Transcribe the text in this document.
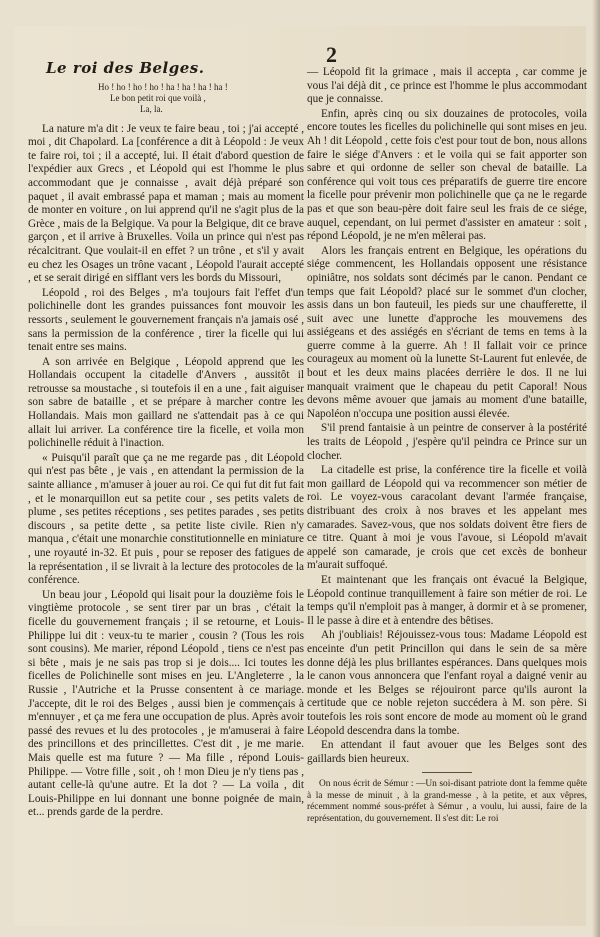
2
Le roi des Belges.
Ho ! ho ! ho ! ho ! ha ! ha ! ha ! ha !
Le bon petit roi que voilà ,
La, la.

La nature m'a dit : Je veux te faire beau , toi ; j'ai accepté , moi , dit Chapolard. La [conférence a dit à Léopold : Je veux te faire roi, toi ; il a accepté, lui. Il était d'abord question de l'expédier aux Grecs , et Léopold qui est l'homme le plus accommodant que je connaisse , avait déjà préparé son paquet , il avait embrassé papa et maman ; mais au moment de monter en voiture , on lui apprend qu'il ne s'agit plus de la Grèce , mais de la Belgique. Va pour la Belgique, dit ce brave garçon , et il arrive à Bruxelles. Voila un prince qui n'est pas récalcitrant. Que voulait-il en effet ? un trône , et s'il y avait eu chez les Osages un trône vacant , Léopold l'aurait accepté , et se serait dirigé en sifflant vers les bords du Missouri,

Léopold , roi des Belges , m'a toujours fait l'effet d'un polichinelle dont les grandes puissances font mouvoir les ressorts , seulement le gouvernement français n'a jamais osé , sans la permission de la conférence , tirer la ficelle qui lui tenait entre ses mains.

A son arrivée en Belgique , Léopold apprend que les Hollandais occupent la citadelle d'Anvers , aussitôt il retrousse sa moustache , si toutefois il en a une , fait aiguiser son sabre de bataille , et se prépare à marcher contre les Hollandais. Mais mon gaillard ne s'attendait pas à ce qui allait lui arriver. La conférence tire la ficelle, et voila mon polichinelle réduit à l'inaction.

« Puisqu'il paraît que ça ne me regarde pas , dit Léopold qui n'est pas bête , je vais , en attendant la permission de la sainte alliance , m'amuser à jouer au roi. Ce qui fut dit fut fait , et le monarquillon eut sa petite cour , ses petits valets de plume , ses petites réceptions , ses petites parades , ses petits discours , sa petite dette , sa petite liste civile. Rien n'y manqua , c'était une monarchie constitutionnelle en miniature , une royauté in-32. Et puis , pour se reposer des fatigues de la représentation , il se livrait à la lecture des protocoles de la conférence.

Un beau jour , Léopold qui lisait pour la douzième fois le vingtième protocole , se sent tirer par un bras , c'était la ficelle du gouvernement français ; il se retourne, et Louis-Philippe lui dit : veux-tu te marier , cousin ? (Tous les rois sont cousins). Me marier, répond Léopold , tiens ce n'est pas si bête , mais je ne sais pas trop si je dois.... Ici toutes les ficelles de Polichinelle sont mises en jeu. L'Angleterre , la Russie , l'Autriche et la Prusse consentent à ce mariage. J'accepte, dit le roi des Belges , aussi bien je commençais à m'ennuyer , et ça me fera une occupation de plus. Après avoir passé des revues et lu des protocoles , je m'amuserai à faire des princillons et des princillettes. C'est dit , je me marie. Mais quelle est ma future ? — Ma fille , répond Louis-Philippe. — Votre fille , soit , oh ! mon Dieu je n'y tiens pas , autant celle-là qu'une autre. Et la dot ? — La voila , dit Louis-Philippe en lui donnant une bonne poignée de main, et... prends garde de la perdre.

— Léopold fit la grimace , mais il accepta , car comme je vous l'ai déjà dit , ce prince est l'homme le plus accommodant que je connaisse.

Enfin, après cinq ou six douzaines de protocoles, voila encore toutes les ficelles du polichinelle qui sont mises en jeu. Ah ! dit Léopold , cette fois c'est pour tout de bon, nous allons faire le siége d'Anvers : et le voila qui se fait apporter son sabre et qui ordonne de seller son cheval de bataille. La conférence qui voit tous ces préparatifs de guerre tire encore la ficelle pour prévenir mon polichinelle que ça ne le regarde pas et que son beau-père doit faire seul les frais de ce siége, auquel, cependant, on lui permet d'assister en amateur : soit , répond Léopold, je ne m'en mêlerai pas.

Alors les français entrent en Belgique, les opérations du siége commencent, les Hollandais opposent une résistance opiniâtre, nos soldats sont décimés par le canon. Pendant ce temps que fait Léopold? placé sur le sommet d'un clocher, assis dans un bon fauteuil, les pieds sur une chaufferette, il suit avec une lunette d'approche les mouvemens des assiégeans et des assiégés en s'écriant de tems en tems à la guerre comme à la guerre. Ah ! Il fallait voir ce prince courageux au moment où la lunette St-Laurent fut enlevée, de bout et les deux mains placées derrière le dos. Il ne lui manquait vraiment que le chapeau du petit Caporal! Nous devons même avouer que jamais au moment d'une bataille, Napoléon n'occupa une position aussi élevée.

S'il prend fantaisie à un peintre de conserver à la postérité les traits de Léopold , j'espère qu'il peindra ce Prince sur un clocher.

La citadelle est prise, la conférence tire la ficelle et voilà mon gaillard de Léopold qui va recommencer son métier de roi. Le voyez-vous caracolant devant l'armée française, distribuant des croix à nos braves et les appelant mes camarades. Savez-vous, que nos soldats doivent être fiers de ce titre. Quant à moi je vous l'avoue, si Léopold m'avait appelé son camarade, je crois que cet excès de bonheur m'aurait suffoqué.

Et maintenant que les français ont évacué la Belgique, Léopold continue tranquillement à faire son métier de roi. Le temps qu'il n'emploit pas à manger, à dormir et à se promener, Il le passe à dire et à entendre des bêtises.

Ah j'oubliais! Réjouissez-vous tous: Madame Léopold est enceinte d'un petit Princillon qui dans le sein de sa mère donne déjà les plus brillantes espérances. Dans quelques mois le canon vous annoncera que l'enfant royal a daigné venir au monde et les Belges se réjouiront parce qu'ils auront la certitude que ce noble rejeton succédera à M. son père. Si toutefois les rois sont encore de mode au moment où le grand Léopold descendra dans la tombe.

En attendant il faut avouer que les Belges sont des gaillards bien heureux.

On nous écrit de Sémur : —Un soi-disant patriote dont la femme quête à la messe de minuit , à la grand-messe , à la petite, et aux vêpres, récemment nommé sous-préfet à Sémur , a voulu, lui aussi, faire de la représentation, du gouvernement. Il s'est dit: Le roi
